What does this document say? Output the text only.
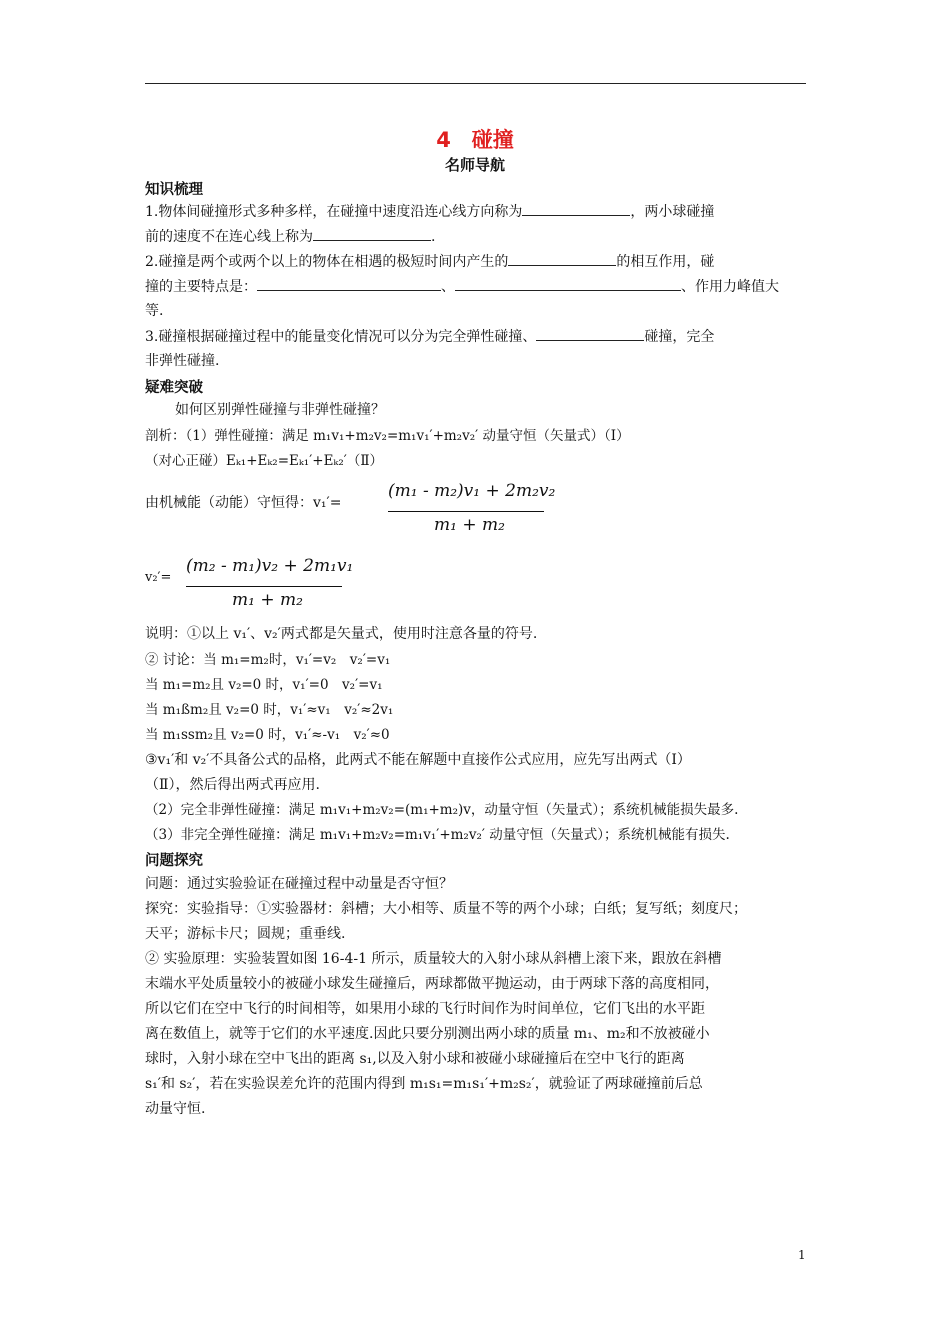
4　碰撞
名师导航
知识梳理
1.物体间碰撞形式多种多样，在碰撞中速度沿连心线方向称为	，两小球碰撞
前的速度不在连心线上称为	.
2.碰撞是两个或两个以上的物体在相遇的极短时间内产生的	的相互作用，碰
撞的主要特点是：	、	、作用力峰值大
等.
3.碰撞根据碰撞过程中的能量变化情况可以分为完全弹性碰撞、	碰撞，完全
非弹性碰撞.
疑难突破
如何区别弹性碰撞与非弹性碰撞？
剖析：（1）弹性碰撞：满足 m₁v₁+m₂v₂=m₁v₁′+m₂v₂′ 动量守恒（矢量式）（Ⅰ）
（对心正碰）Eₖ₁+Eₖ₂=Eₖ₁′+Eₖ₂′（Ⅱ）
由机械能（动能）守恒得：v₁′=
(m₁ - m₂)v₁ + 2m₂v₂
m₁ + m₂
v₂′=
(m₂ - m₁)v₂ + 2m₁v₁
m₁ + m₂
说明：①以上 v₁′、v₂′两式都是矢量式，使用时注意各量的符号.
② 讨论：当 m₁=m₂时，v₁′=v₂　v₂′=v₁
当 m₁=m₂且 v₂=0 时，v₁′=0　v₂′=v₁
当 m₁ßm₂且 v₂=0 时，v₁′≈v₁　v₂′≈2v₁
当 m₁ssm₂且 v₂=0 时，v₁′≈-v₁　v₂′≈0
③v₁′和 v₂′不具备公式的品格，此两式不能在解题中直接作公式应用，应先写出两式（Ⅰ）
（Ⅱ），然后得出两式再应用.
（2）完全非弹性碰撞：满足 m₁v₁+m₂v₂=(m₁+m₂)v，动量守恒（矢量式）；系统机械能损失最多.
（3）非完全弹性碰撞：满足 m₁v₁+m₂v₂=m₁v₁′+m₂v₂′ 动量守恒（矢量式）；系统机械能有损失.
问题探究
问题：通过实验验证在碰撞过程中动量是否守恒？
探究：实验指导：①实验器材：斜槽；大小相等、质量不等的两个小球；白纸；复写纸；刻度尺；
天平；游标卡尺；圆规；重垂线.
② 实验原理：实验装置如图 16-4-1 所示，质量较大的入射小球从斜槽上滚下来，跟放在斜槽
末端水平处质量较小的被碰小球发生碰撞后，两球都做平抛运动，由于两球下落的高度相同，
所以它们在空中飞行的时间相等，如果用小球的飞行时间作为时间单位，它们飞出的水平距
离在数值上，就等于它们的水平速度.因此只要分别测出两小球的质量 m₁、m₂和不放被碰小
球时，入射小球在空中飞出的距离 s₁,以及入射小球和被碰小球碰撞后在空中飞行的距离
s₁′和 s₂′，若在实验误差允许的范围内得到 m₁s₁=m₁s₁′+m₂s₂′，就验证了两球碰撞前后总
动量守恒.
1
